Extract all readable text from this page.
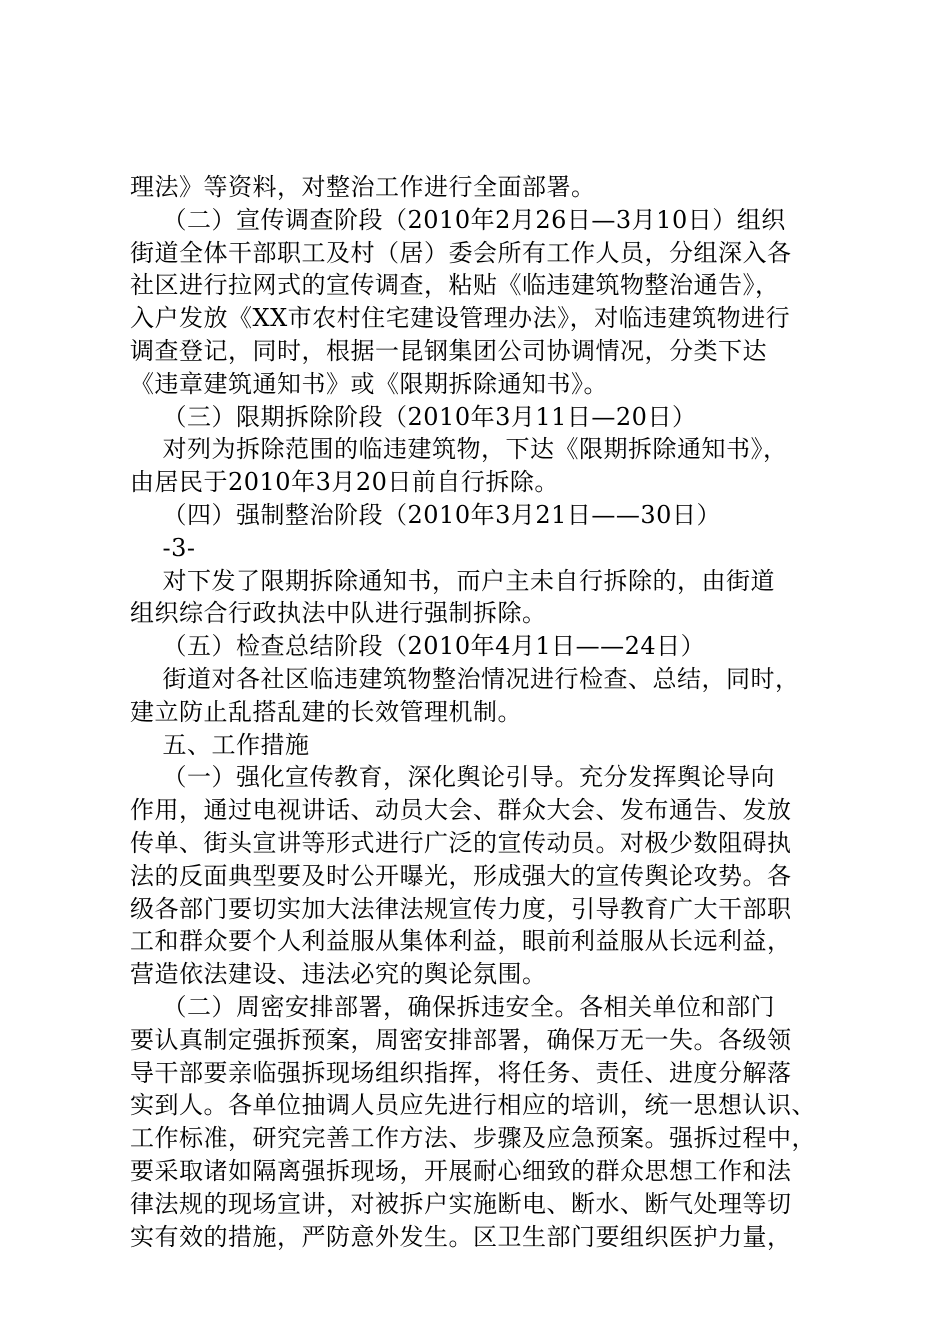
理法》等资料，对整治工作进行全面部署。
（二）宣传调查阶段（2010年2月26日—3月10日）组织
街道全体干部职工及村（居）委会所有工作人员，分组深入各
社区进行拉网式的宣传调查，粘贴《临违建筑物整治通告》，
入户发放《XX市农村住宅建设管理办法》，对临违建筑物进行
调查登记，同时，根据一昆钢集团公司协调情况，分类下达
《违章建筑通知书》或《限期拆除通知书》。
（三）限期拆除阶段（2010年3月11日—20日）
对列为拆除范围的临违建筑物，下达《限期拆除通知书》，
由居民于2010年3月20日前自行拆除。
（四）强制整治阶段（2010年3月21日——30日）
-3-
对下发了限期拆除通知书，而户主未自行拆除的，由街道
组织综合行政执法中队进行强制拆除。
（五）检查总结阶段（2010年4月1日——24日）
街道对各社区临违建筑物整治情况进行检查、总结，同时，
建立防止乱搭乱建的长效管理机制。
五、工作措施
（一）强化宣传教育，深化舆论引导。充分发挥舆论导向
作用，通过电视讲话、动员大会、群众大会、发布通告、发放
传单、街头宣讲等形式进行广泛的宣传动员。对极少数阻碍执
法的反面典型要及时公开曝光，形成强大的宣传舆论攻势。各
级各部门要切实加大法律法规宣传力度，引导教育广大干部职
工和群众要个人利益服从集体利益，眼前利益服从长远利益，
营造依法建设、违法必究的舆论氛围。
（二）周密安排部署，确保拆违安全。各相关单位和部门
要认真制定强拆预案，周密安排部署，确保万无一失。各级领
导干部要亲临强拆现场组织指挥，将任务、责任、进度分解落
实到人。各单位抽调人员应先进行相应的培训，统一思想认识、
工作标准，研究完善工作方法、步骤及应急预案。强拆过程中，
要采取诸如隔离强拆现场，开展耐心细致的群众思想工作和法
律法规的现场宣讲，对被拆户实施断电、断水、断气处理等切
实有效的措施，严防意外发生。区卫生部门要组织医护力量，
